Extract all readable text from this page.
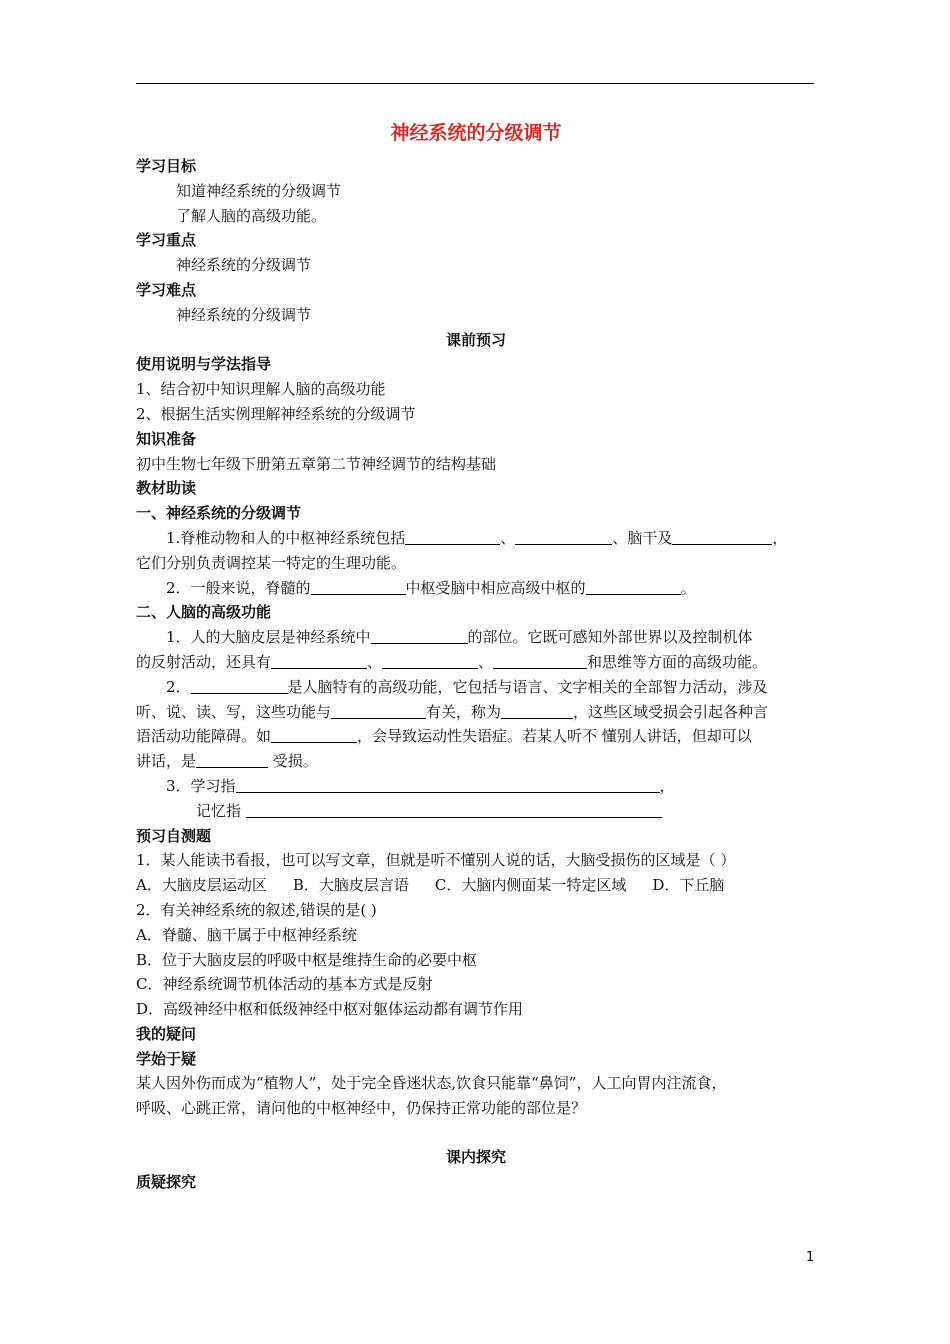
神经系统的分级调节
学习目标
知道神经系统的分级调节
了解人脑的高级功能。
学习重点
神经系统的分级调节
学习难点
神经系统的分级调节
课前预习
使用说明与学法指导
1、结合初中知识理解人脑的高级功能
2、根据生活实例理解神经系统的分级调节
知识准备
初中生物七年级下册第五章第二节神经调节的结构基础
教材助读
一、神经系统的分级调节
1.脊椎动物和人的中枢神经系统包括	、	、脑干及	，
它们分别负责调控某一特定的生理功能。
2．一般来说，脊髓的	中枢受脑中相应高级中枢的	。
二、人脑的高级功能
1．人的大脑皮层是神经系统中	的部位。它既可感知外部世界以及控制机体
的反射活动，还具有	、	、	和思维等方面的高级功能。
2．	是人脑特有的高级功能，它包括与语言、文字相关的全部智力活动，涉及
听、说、读、写，这些功能与	有关，称为	，这些区域受损会引起各种言
语活动功能障碍。如	，会导致运动性失语症。若某人听不 懂别人讲话，但却可以
讲话，是	受损。
3．学习指	，
记忆指
预习自测题
1．某人能读书看报，也可以写文章，但就是听不懂别人说的话，大脑受损伤的区域是（ ）
A．大脑皮层运动区 B．大脑皮层言语 C．大脑内侧面某一特定区域 D．下丘脑
2．有关神经系统的叙述,错误的是( )
A．脊髓、脑干属于中枢神经系统
B．位于大脑皮层的呼吸中枢是维持生命的必要中枢
C．神经系统调节机体活动的基本方式是反射
D．高级神经中枢和低级神经中枢对躯体运动都有调节作用
我的疑问
学始于疑
某人因外伤而成为“植物人”，处于完全昏迷状态,饮食只能靠“鼻饲”，人工向胃内注流食，
呼吸、心跳正常，请问他的中枢神经中，仍保持正常功能的部位是？
课内探究
质疑探究
1
